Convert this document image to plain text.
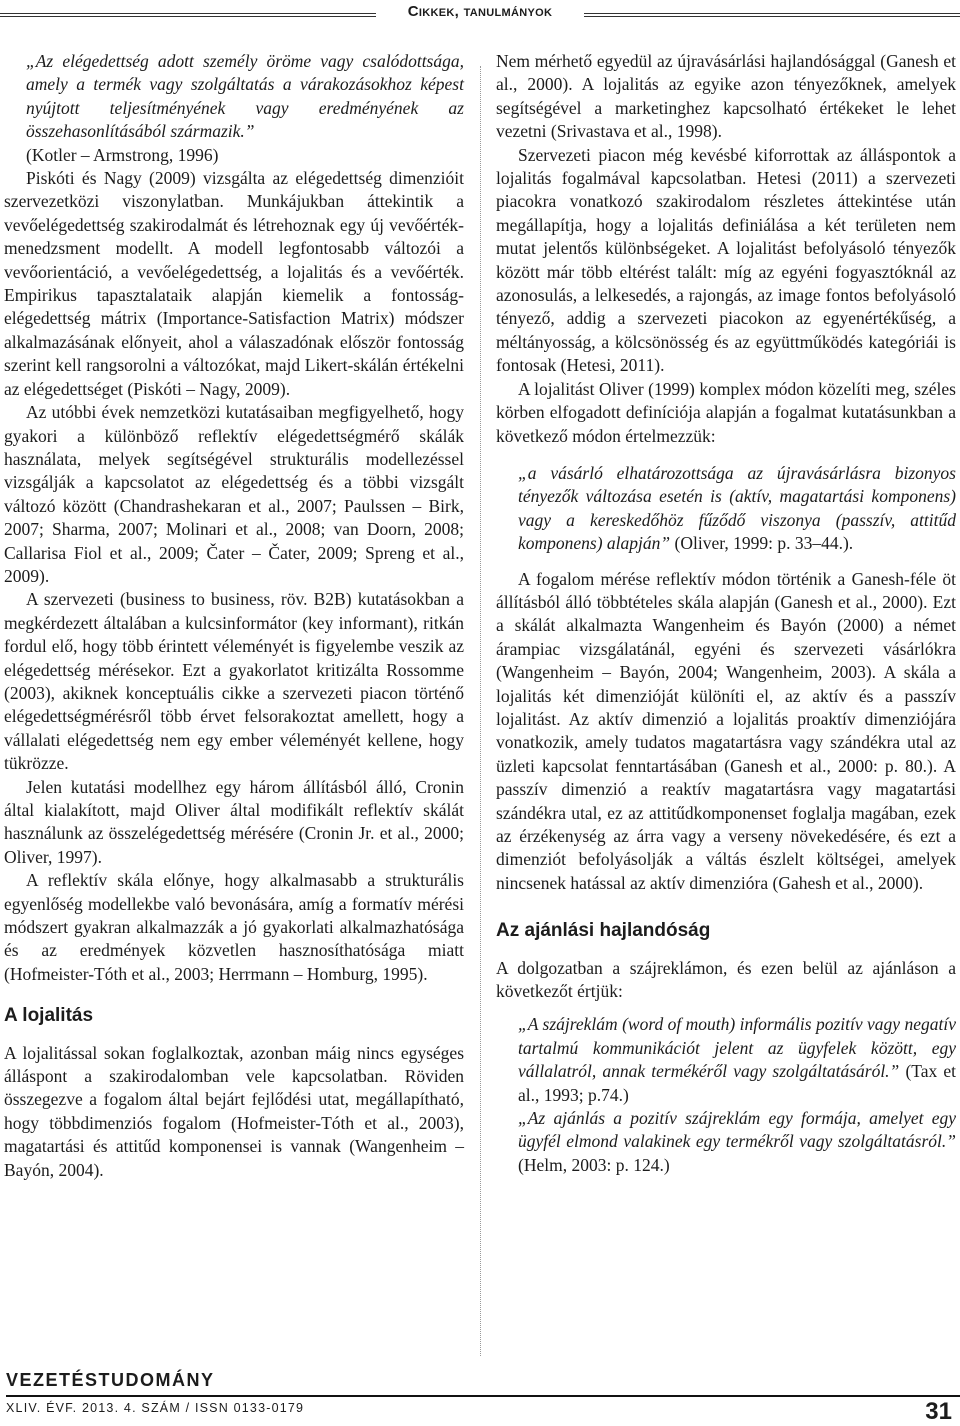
Cikkek, tanulmányok

„Az elégedettség adott személy öröme vagy csalódottsága, amely a termék vagy szolgáltatás a várakozásokhoz képest nyújtott teljesítményének vagy eredményének az összehasonlításából származik.”

(Kotler – Armstrong, 1996)

Piskóti és Nagy (2009) vizsgálta az elégedettség dimenzióit szervezetközi viszonylatban. Munkájukban áttekintik a vevőelégedettség szakirodalmát és létrehoznak egy új vevőérték-menedzsment modellt. A modell legfontosabb változói a vevőorientáció, a vevőelégedettség, a lojalitás és a vevőérték. Empirikus tapasztalataik alapján kiemelik a fontosság-elégedettség mátrix (Importance-Satisfaction Matrix) módszer alkalmazásának előnyeit, ahol a válaszadónak először fontosság szerint kell rangsorolni a változókat, majd Likert-skálán értékelni az elégedettséget (Piskóti – Nagy, 2009).

Az utóbbi évek nemzetközi kutatásaiban megfigyelhető, hogy gyakori a különböző reflektív elégedettségmérő skálák használata, melyek segítségével strukturális modellezéssel vizsgálják a kapcsolatot az elégedettség és a többi vizsgált változó között (Chandrashekaran et al., 2007; Paulssen – Birk, 2007; Sharma, 2007; Molinari et al., 2008; van Doorn, 2008; Callarisa Fiol et al., 2009; Čater – Čater, 2009; Spreng et al., 2009).

A szervezeti (business to business, röv. B2B) kutatásokban a megkérdezett általában a kulcsinformátor (key informant), ritkán fordul elő, hogy több érintett véleményét is figyelembe veszik az elégedettség mérésekor. Ezt a gyakorlatot kritizálta Rossomme (2003), akiknek konceptuális cikke a szervezeti piacon történő elégedettségmérésről több érvet felsorakoztat amellett, hogy a vállalati elégedettség nem egy ember véleményét kellene, hogy tükrözze.

Jelen kutatási modellhez egy három állításból álló, Cronin által kialakított, majd Oliver által modifikált reflektív skálát használunk az összelégedettség mérésére (Cronin Jr. et al., 2000; Oliver, 1997).

A reflektív skála előnye, hogy alkalmasabb a strukturális egyenlőség modellekbe való bevonására, amíg a formatív mérési módszert gyakran alkalmazzák a jó gyakorlati alkalmazhatósága és az eredmények közvetlen hasznosíthatósága miatt (Hofmeister-Tóth et al., 2003; Herrmann – Homburg, 1995).

A lojalitás

A lojalitással sokan foglalkoztak, azonban máig nincs egységes álláspont a szakirodalomban vele kapcsolatban. Röviden összegezve a fogalom által bejárt fejlődési utat, megállapítható, hogy többdimenziós fogalom (Hofmeister-Tóth et al., 2003), magatartási és attitűd komponensei is vannak (Wangenheim – Bayón, 2004).

Nem mérhető egyedül az újravásárlási hajlandósággal (Ganesh et al., 2000). A lojalitás az egyike azon tényezőknek, amelyek segítségével a marketinghez kapcsolható értékeket le lehet vezetni (Srivastava et al., 1998).

Szervezeti piacon még kevésbé kiforrottak az álláspontok a lojalitás fogalmával kapcsolatban. Hetesi (2011) a szervezeti piacokra vonatkozó szakirodalom részletes áttekintése után megállapítja, hogy a lojalitás definiálása a két területen nem mutat jelentős különbségeket. A lojalitást befolyásoló tényezők között már több eltérést talált: míg az egyéni fogyasztóknál az azonosulás, a lelkesedés, a rajongás, az image fontos befolyásoló tényező, addig a szervezeti piacokon az egyenértékűség, a méltányosság, a kölcsönösség és az együttműködés kategóriái is fontosak (Hetesi, 2011).

A lojalitást Oliver (1999) komplex módon közelíti meg, széles körben elfogadott definíciója alapján a fogalmat kutatásunkban a következő módon értelmezzük:

„a vásárló elhatározottsága az újravásárlásra bizonyos tényezők változása esetén is (aktív, magatartási komponens) vagy a kereskedőhöz fűződő viszonya (passzív, attitűd komponens) alapján” (Oliver, 1999: p. 33–44.).

A fogalom mérése reflektív módon történik a Ganesh-féle öt állításból álló többtételes skála alapján (Ganesh et al., 2000). Ezt a skálát alkalmazta Wangenheim és Bayón (2000) a német árampiac vizsgálatánál, egyéni és szervezeti vásárlókra (Wangenheim – Bayón, 2004; Wangenheim, 2003). A skála a lojalitás két dimenzióját különíti el, az aktív és a passzív lojalitást. Az aktív dimenzió a lojalitás proaktív dimenziójára vonatkozik, amely tudatos magatartásra vagy szándékra utal az üzleti kapcsolat fenntartásában (Ganesh et al., 2000: p. 80.). A passzív dimenzió a reaktív magatartásra vagy magatartási szándékra utal, ez az attitűdkomponenset foglalja magában, ezek az érzékenység az árra vagy a verseny növekedésére, és ezt a dimenziót befolyásolják a váltás észlelt költségei, amelyek nincsenek hatással az aktív dimenzióra (Gahesh et al., 2000).

Az ajánlási hajlandóság

A dolgozatban a szájreklámon, és ezen belül az ajánláson a következőt értjük:

„A szájreklám (word of mouth) informális pozitív vagy negatív tartalmú kommunikációt jelent az ügyfelek között, egy vállalatról, annak termékéről vagy szolgáltatásáról.” (Tax et al., 1993; p.74.)

„Az ajánlás a pozitív szájreklám egy formája, amelyet egy ügyfél elmond valakinek egy termékről vagy szolgáltatásról.” (Helm, 2003: p. 124.)

VEZETÉSTUDOMÁNY
XLIV. ÉVF. 2013. 4. SZÁM / ISSN 0133-0179	31
